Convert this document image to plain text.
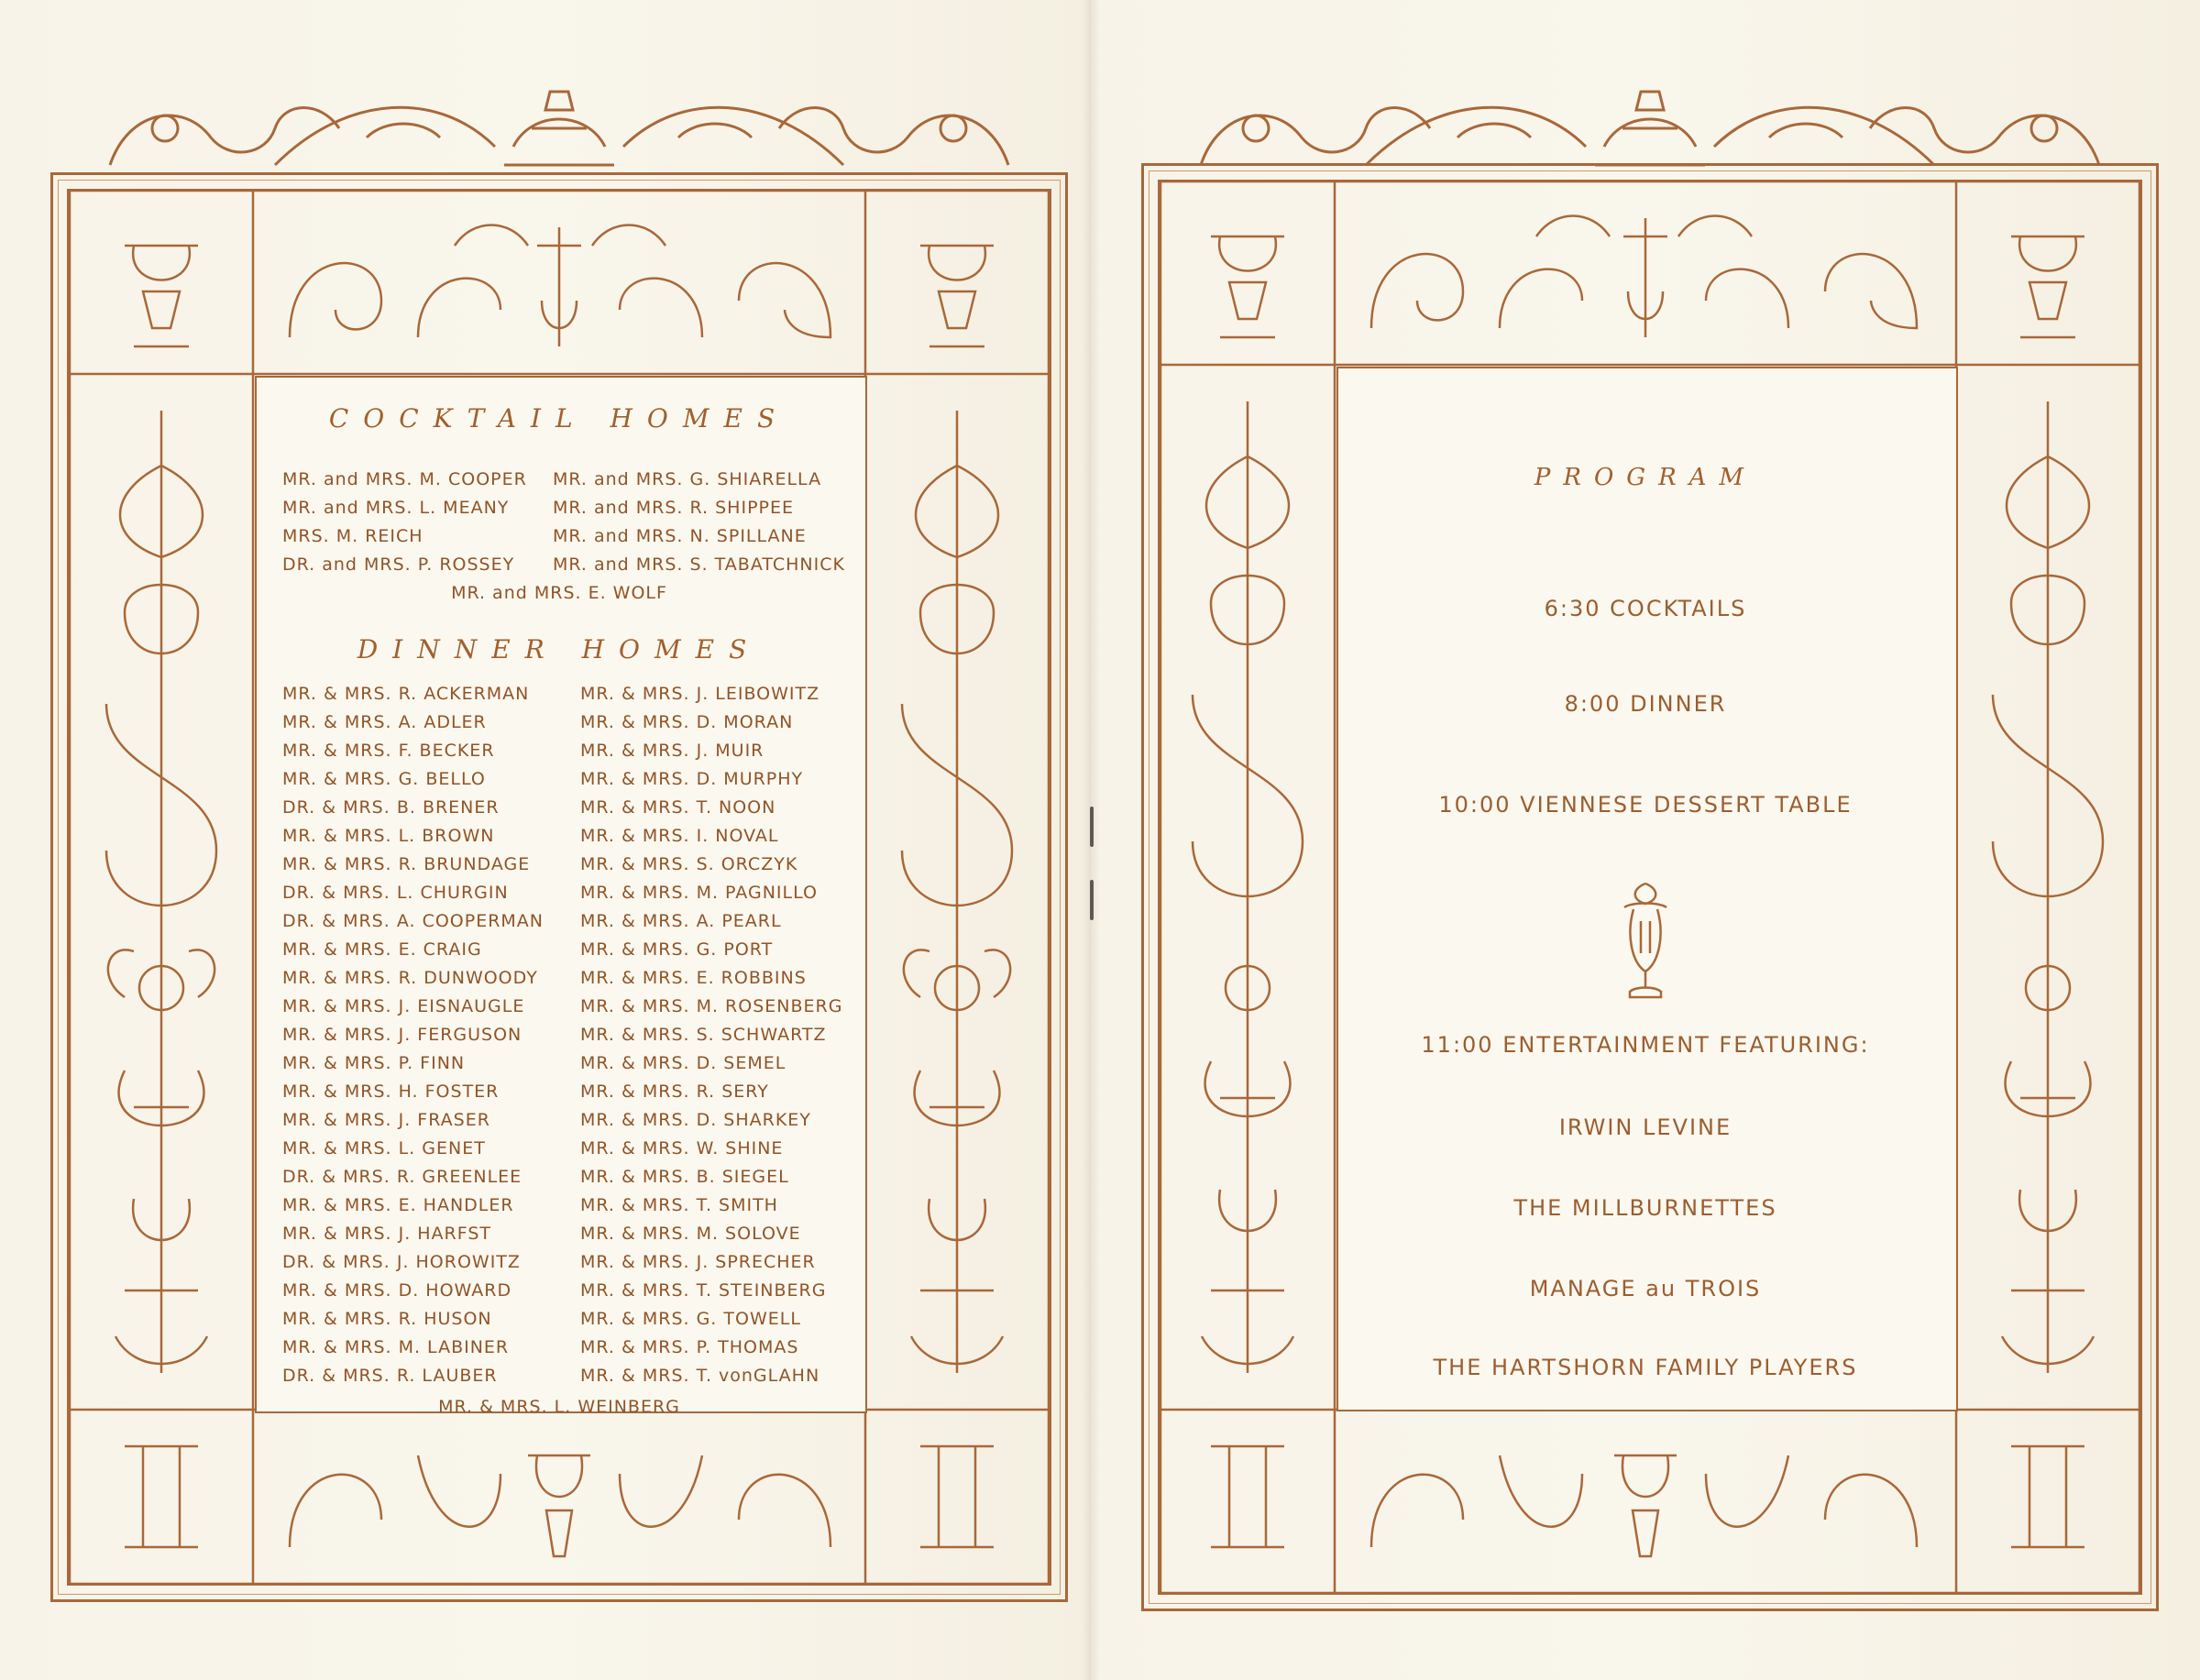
COCKTAIL HOMES
MR. and MRS. M. COOPER
MR. and MRS. L. MEANY
MRS. M. REICH
DR. and MRS. P. ROSSEY
MR. and MRS. G. SHIARELLA
MR. and MRS. R. SHIPPEE
MR. and MRS. N. SPILLANE
MR. and MRS. S. TABATCHNICK
MR. and MRS. E. WOLF
DINNER HOMES
MR. & MRS. R. ACKERMAN
MR. & MRS. A. ADLER
MR. & MRS. F. BECKER
MR. & MRS. G. BELLO
DR. & MRS. B. BRENER
MR. & MRS. L. BROWN
MR. & MRS. R. BRUNDAGE
DR. & MRS. L. CHURGIN
DR. & MRS. A. COOPERMAN
MR. & MRS. E. CRAIG
MR. & MRS. R. DUNWOODY
MR. & MRS. J. EISNAUGLE
MR. & MRS. J. FERGUSON
MR. & MRS. P. FINN
MR. & MRS. H. FOSTER
MR. & MRS. J. FRASER
MR. & MRS. L. GENET
DR. & MRS. R. GREENLEE
MR. & MRS. E. HANDLER
MR. & MRS. J. HARFST
DR. & MRS. J. HOROWITZ
MR. & MRS. D. HOWARD
MR. & MRS. R. HUSON
MR. & MRS. M. LABINER
DR. & MRS. R. LAUBER
MR. & MRS. J. LEIBOWITZ
MR. & MRS. D. MORAN
MR. & MRS. J. MUIR
MR. & MRS. D. MURPHY
MR. & MRS. T. NOON
MR. & MRS. I. NOVAL
MR. & MRS. S. ORCZYK
MR. & MRS. M. PAGNILLO
MR. & MRS. A. PEARL
MR. & MRS. G. PORT
MR. & MRS. E. ROBBINS
MR. & MRS. M. ROSENBERG
MR. & MRS. S. SCHWARTZ
MR. & MRS. D. SEMEL
MR. & MRS. R. SERY
MR. & MRS. D. SHARKEY
MR. & MRS. W. SHINE
MR. & MRS. B. SIEGEL
MR. & MRS. T. SMITH
MR. & MRS. M. SOLOVE
MR. & MRS. J. SPRECHER
MR. & MRS. T. STEINBERG
MR. & MRS. G. TOWELL
MR. & MRS. P. THOMAS
MR. & MRS. T. vonGLAHN
MR. & MRS. L. WEINBERG
PROGRAM
6:30 COCKTAILS
8:00 DINNER
10:00 VIENNESE DESSERT TABLE
11:00 ENTERTAINMENT FEATURING:
IRWIN LEVINE
THE MILLBURNETTES
MANAGE au TROIS
THE HARTSHORN FAMILY PLAYERS
